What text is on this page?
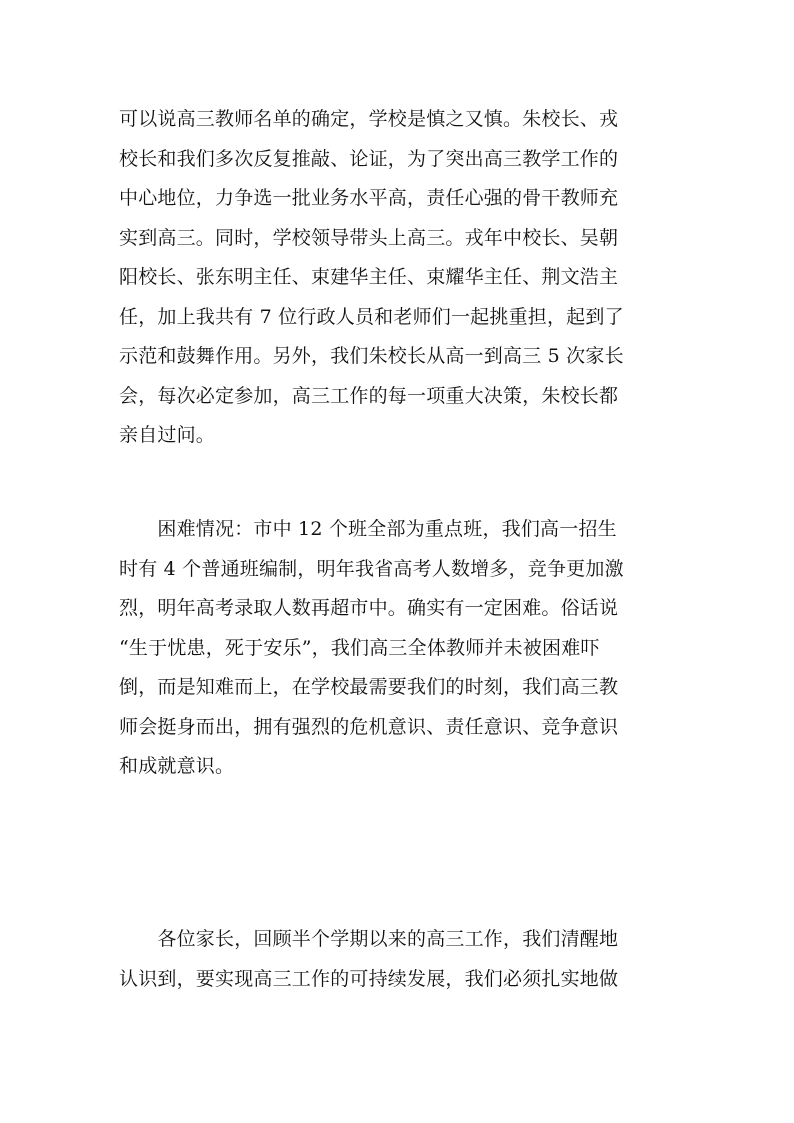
可以说高三教师名单的确定，学校是慎之又慎。朱校长、戎
校长和我们多次反复推敲、论证，为了突出高三教学工作的
中心地位，力争选一批业务水平高，责任心强的骨干教师充
实到高三。同时，学校领导带头上高三。戎年中校长、吴朝
阳校长、张东明主任、束建华主任、束耀华主任、荆文浩主
任，加上我共有 7 位行政人员和老师们一起挑重担，起到了
示范和鼓舞作用。另外，我们朱校长从高一到高三 5 次家长
会，每次必定参加，高三工作的每一项重大决策，朱校长都
亲自过问。
　　困难情况：市中 12 个班全部为重点班，我们高一招生
时有 4 个普通班编制，明年我省高考人数增多，竞争更加激
烈，明年高考录取人数再超市中。确实有一定困难。俗话说
“生于忧患，死于安乐”，我们高三全体教师并未被困难吓
倒，而是知难而上，在学校最需要我们的时刻，我们高三教
师会挺身而出，拥有强烈的危机意识、责任意识、竞争意识
和成就意识。
　　各位家长，回顾半个学期以来的高三工作，我们清醒地
认识到，要实现高三工作的可持续发展，我们必须扎实地做
